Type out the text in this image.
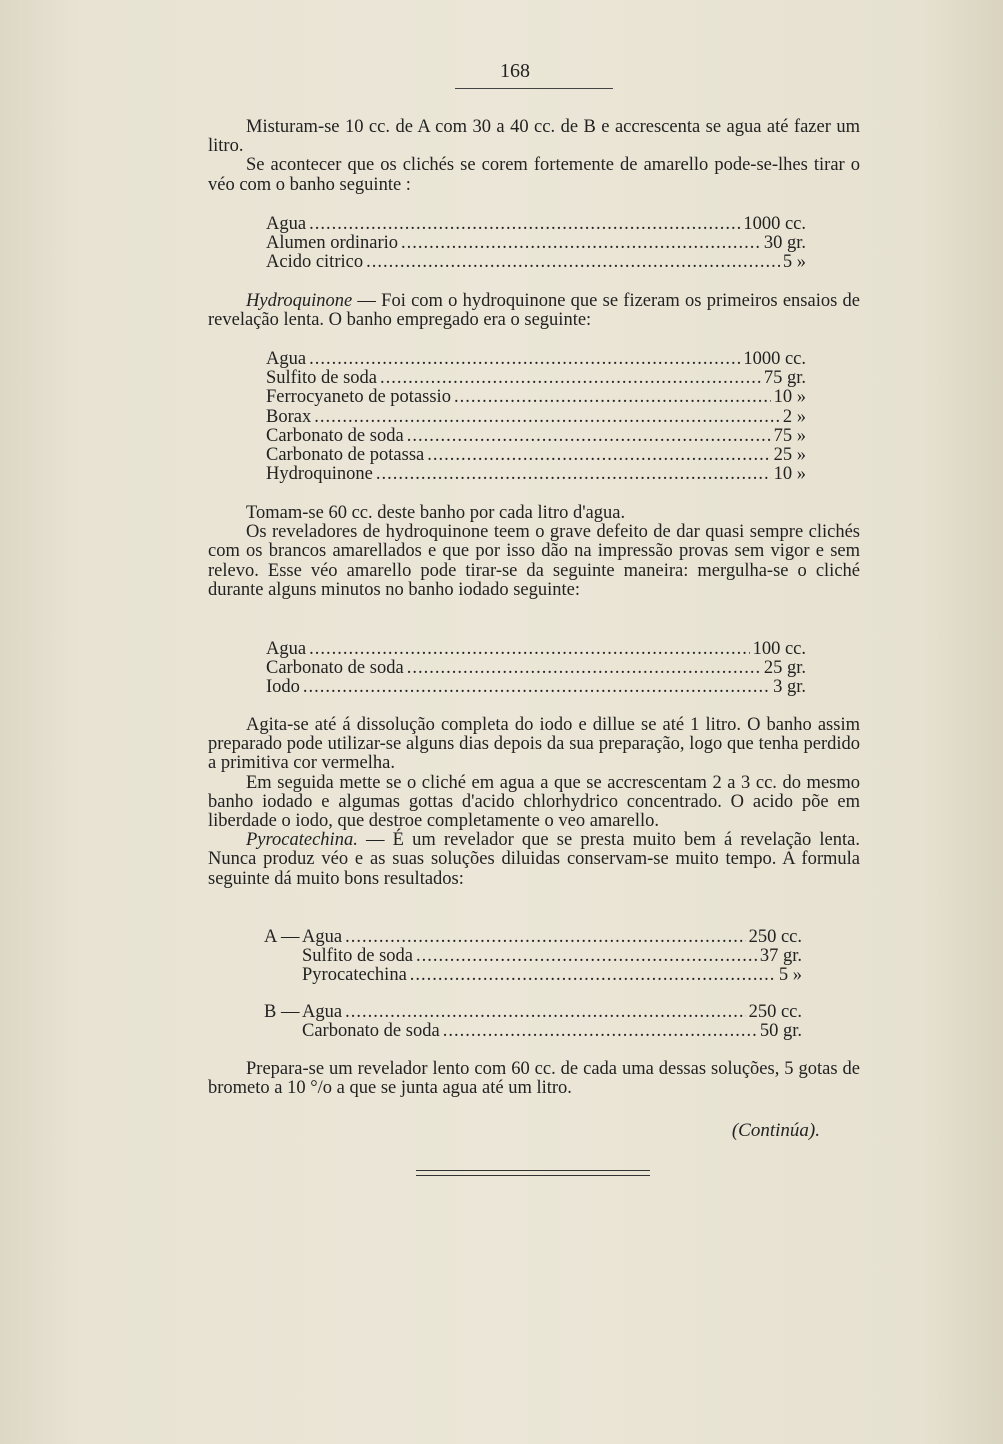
168

Misturam-se 10 cc. de A com 30 a 40 cc. de B e accrescenta se agua até fazer um litro.

Se acontecer que os clichés se corem fortemente de amarello pode-se-lhes tirar o véo com o banho seguinte :

Agua .....	1000 cc.
Alumen ordinario .....	30 gr.
Acido citrico .....	5 »

Hydroquinone — Foi com o hydroquinone que se fizeram os primeiros ensaios de revelação lenta. O banho empregado era o seguinte:

Agua .....	1000 cc.
Sulfito de soda .....	75 gr.
Ferrocyaneto de potassio .....	10 »
Borax .....	2 »
Carbonato de soda .....	75 »
Carbonato de potassa .....	25 »
Hydroquinone .....	10 »

Tomam-se 60 cc. deste banho por cada litro d'agua.

Os reveladores de hydroquinone teem o grave defeito de dar quasi sempre clichés com os brancos amarellados e que por isso dão na impressão provas sem vigor e sem relevo. Esse véo amarello pode tirar-se da seguinte maneira: mergulha-se o cliché durante alguns minutos no banho iodado seguinte:

Agua .....	100 cc.
Carbonato de soda .....	25 gr.
Iodo .....	3 gr.

Agita-se até á dissolução completa do iodo e dillue se até 1 litro. O banho assim preparado pode utilizar-se alguns dias depois da sua preparação, logo que tenha perdido a primitiva cor vermelha.

Em seguida mette se o cliché em agua a que se accrescentam 2 a 3 cc. do mesmo banho iodado e algumas gottas d'acido chlorhydrico concentrado. O acido põe em liberdade o iodo, que destroe completamente o veo amarello.

Pyrocatechina. — É um revelador que se presta muito bem á revelação lenta. Nunca produz véo e as suas soluções diluidas conservam-se muito tempo. A formula seguinte dá muito bons resultados:

A —Agua .....	250 cc.
Sulfito de soda .....	37 gr.
Pyrocatechina .....	5 »
B —Agua .....	250 cc.
Carbonato de soda .....	50 gr.

Prepara-se um revelador lento com 60 cc. de cada uma dessas soluções, 5 gotas de brometo a 10 °/o a que se junta agua até um litro.

(Continúa).
